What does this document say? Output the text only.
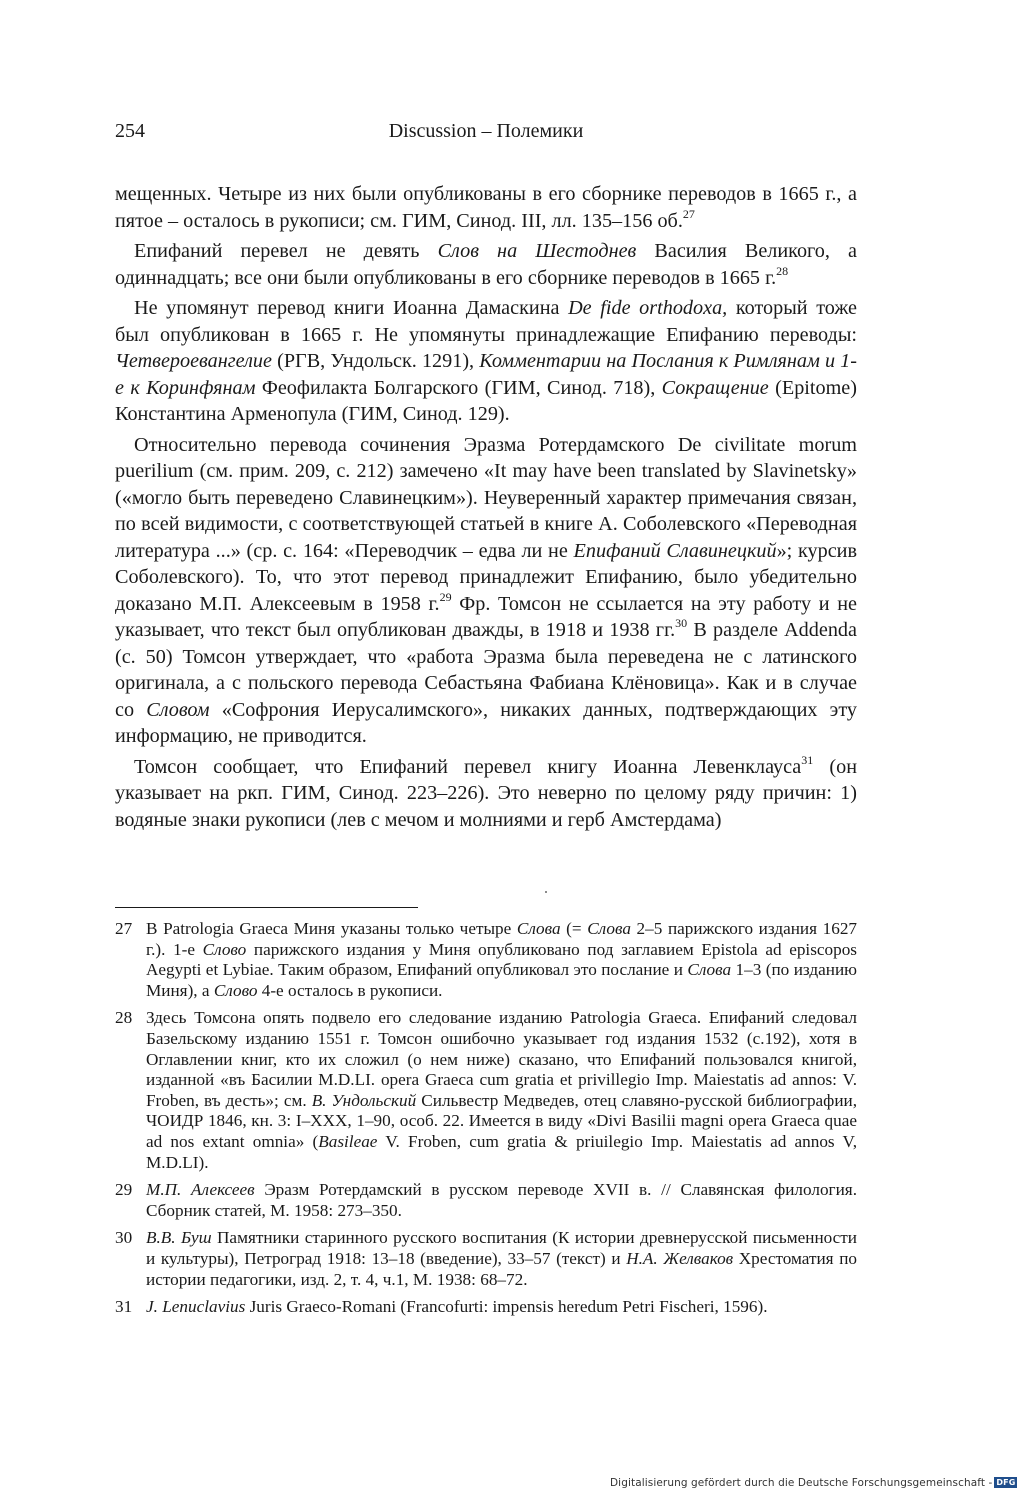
254	Discussion – Полемики

мещенных. Четыре из них были опубликованы в его сборнике переводов в 1665 г., а пятое – осталось в рукописи; см. ГИМ, Синод. III, лл. 135–156 об.$^{27}$

Епифаний перевел не девять Слов на Шестоднев Василия Великого, а одиннадцать; все они были опубликованы в его сборнике переводов в 1665 г.$^{28}$

Не упомянут перевод книги Иоанна Дамаскина De fide orthodoxa, который тоже был опубликован в 1665 г. Не упомянуты принадлежащие Епифанию переводы: Четвероевангелие (РГВ, Ундольск. 1291), Комментарии на Послания к Римлянам и 1-е к Коринфянам Феофилакта Болгарского (ГИМ, Синод. 718), Сокращение (Epitome) Константина Арменопула (ГИМ, Синод. 129).

Относительно перевода сочинения Эразма Ротердамского De civilitate morum puerilium (см. прим. 209, с. 212) замечено «It may have been translated by Slavinetsky» («могло быть переведено Славинецким»). Неуверенный характер примечания связан, по всей видимости, с соответствующей статьей в книге А. Соболевского «Переводная литература ...» (ср. с. 164: «Переводчик – едва ли не Епифаний Славинецкий»; курсив Соболевского). То, что этот перевод принадлежит Епифанию, было убедительно доказано М.П. Алексеевым в 1958 г.$^{29}$ Фр. Томсон не ссылается на эту работу и не указывает, что текст был опубликован дважды, в 1918 и 1938 гг.$^{30}$ В разделе Addenda (с. 50) Томсон утверждает, что «работа Эразма была переведена не с латинского оригинала, а с польского перевода Себастьяна Фабиана Клёновица». Как и в случае со Словом «Софрония Иерусалимского», никаких данных, подтверждающих эту информацию, не приводится.

Томсон сообщает, что Епифаний перевел книгу Иоанна Левенклауса$^{31}$ (он указывает на ркп. ГИМ, Синод. 223–226). Это неверно по целому ряду причин: 1) водяные знаки рукописи (лев с мечом и молниями и герб Амстердама)

27 В Patrologia Graeca Миня указаны только четыре Слова (= Слова 2–5 парижского издания 1627 г.). 1-е Слово парижского издания у Миня опубликовано под заглавием Epistola ad episcopos Aegypti et Lybiae. Таким образом, Епифаний опубликовал это послание и Слова 1–3 (по изданию Миня), а Слово 4-е осталось в рукописи.
28 Здесь Томсона опять подвело его следование изданию Patrologia Graeca. Епифаний следовал Базельскому изданию 1551 г. Томсон ошибочно указывает год издания 1532 (с.192), хотя в Оглавлении книг, кто их сложил (о нем ниже) сказано, что Епифаний пользовался книгой, изданной «въ Басилии M.D.LI. opera Graeca cum gratia et privillegio Imp. Maiestatis ad annos: V. Froben, въ десть»; см. В. Ундольский Сильвестр Медведев, отец славяно-русской библиографии, ЧОИДР 1846, кн. 3: I–XXX, 1–90, особ. 22. Имеется в виду «Divi Basilii magni opera Graeca quae ad nos extant omnia» (Basileae V. Froben, cum gratia & priuilegio Imp. Maiestatis ad annos V, M.D.LI).
29 М.П. Алексеев Эразм Ротердамский в русском переводе XVII в. // Славянская филология. Сборник статей, М. 1958: 273–350.
30 В.В. Буш Памятники старинного русского воспитания (К истории древнерусской письменности и культуры), Петроград 1918: 13–18 (введение), 33–57 (текст) и Н.А. Желваков Хрестоматия по истории педагогики, изд. 2, т. 4, ч.1, М. 1938: 68–72.
31 J. Lenuclavius Juris Graeco-Romani (Francofurti: impensis heredum Petri Fischeri, 1596).
Digitalisierung gefördert durch die Deutsche Forschungsgemeinschaft - DFG
